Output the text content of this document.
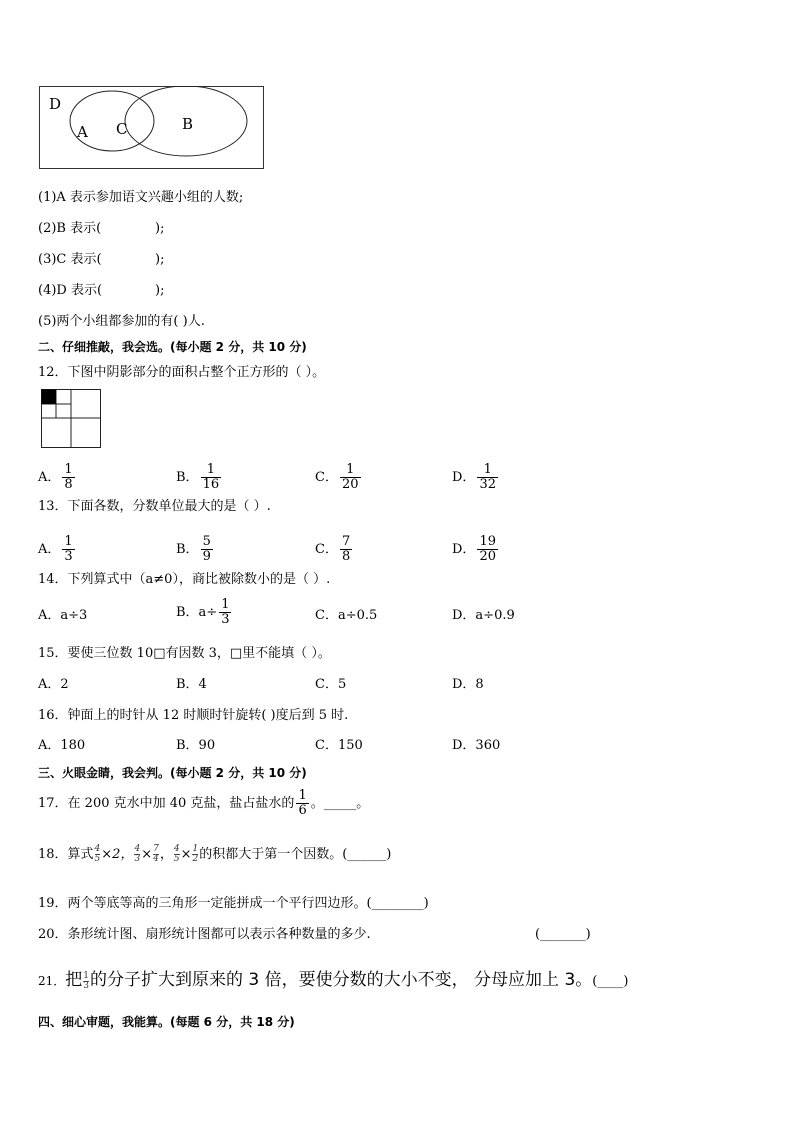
D
A C	B
(1)A 表示参加语文兴趣小组的人数;
(2)B 表示(	);
(3)C 表示(	);
(4)D 表示(	);
(5)两个小组都参加的有( )人.
二、仔细推敲，我会选。(每小题 2 分，共 10 分)
12．下图中阴影部分的面积占整个正方形的（ ）。
A． $\frac{1}{8}$	B． $\frac{1}{16}$	C． $\frac{1}{20}$	D． $\frac{1}{32}$
13．下面各数，分数单位最大的是（ ）.
A． $\frac{1}{3}$	B． $\frac{5}{9}$	C． $\frac{7}{8}$	D． $\frac{19}{20}$
14．下列算式中（a≠0），商比被除数小的是（ ）.
A．a÷3	B．$a\div \frac{1}{3}$	C．a÷0.5	D．a÷0.9
15．要使三位数 10□有因数 3，□里不能填（ ）。
A．2	B．4	C．5	D．8
16．钟面上的时针从 12 时顺时针旋转( )度后到 5 时.
A．180	B．90	C．150	D．360
三、火眼金睛，我会判。(每小题 2 分，共 10 分)
17．在 200 克水中加 40 克盐，盐占盐水的 $\frac{1}{6}$ 。_____。
18．算式 $\frac{4}{5} \times 2$， $\frac{4}{3} \times \frac{7}{4}$ ， $\frac{4}{5} \times \frac{1}{2}$ 的积都大于第一个因数。(______)
19．两个等底等高的三角形一定能拼成一个平行四边形。(________)
20．条形统计图、扇形统计图都可以表示各种数量的多少.	(_______)
21．把 $\frac{1}{3}$ 的分子扩大到原来的 3 倍，要使分数的大小不变， 分母应加上 3。(____)
四、细心审题，我能算。(每题 6 分，共 18 分)
